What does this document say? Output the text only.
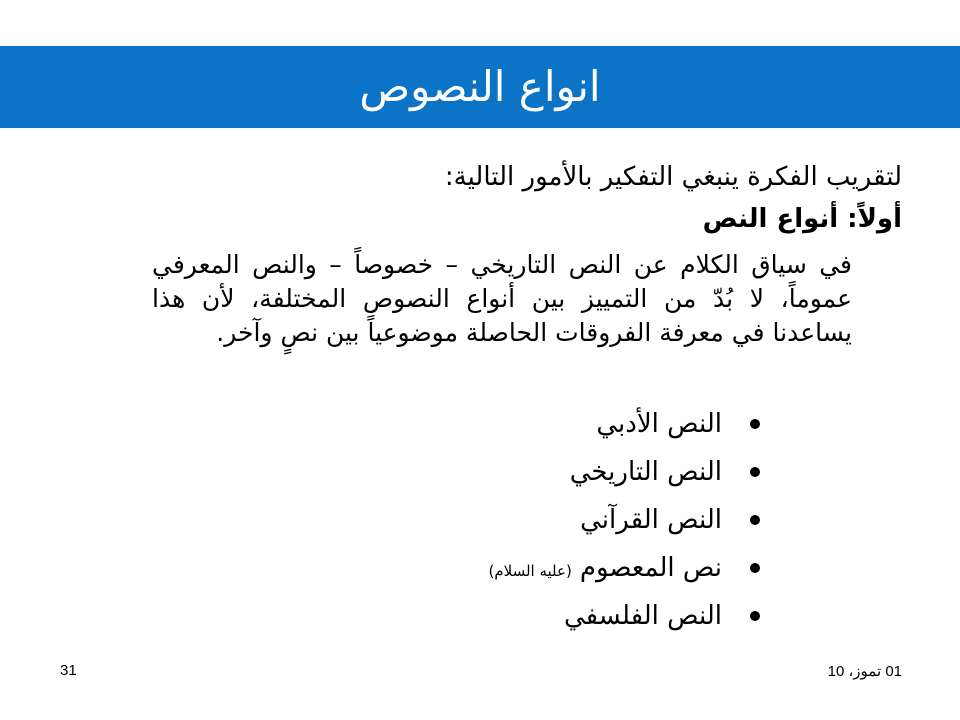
انواع النصوص
لتقريب الفكرة ينبغي التفكير بالأمور التالية:
أولاً: أنواع النص
في سياق الكلام عن النص التاريخي – خصوصاً – والنص المعرفي عموماً، لا بُدّ من التمييز بين أنواع النصوص المختلفة، لأن هذا يساعدنا في معرفة الفروقات الحاصلة موضوعياً بين نصٍ وآخر.
النص الأدبي
النص التاريخي
النص القرآني
نص المعصوم
(عليه السلام)
النص الفلسفي
01 تموز، 10
31
